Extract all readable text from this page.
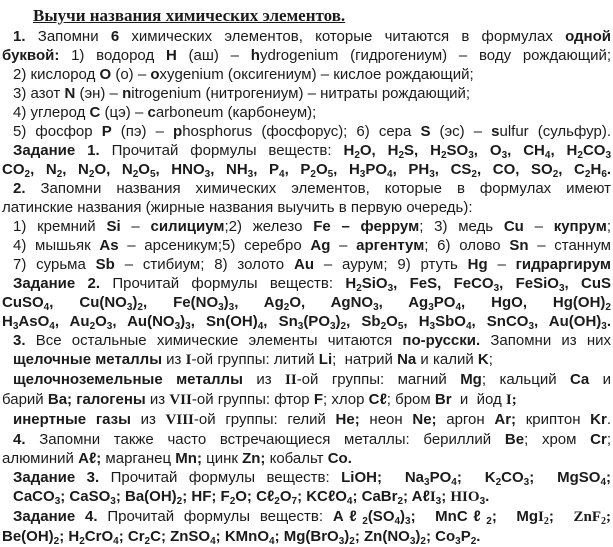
Выучи названия химических элементов.
1. Запомни 6 химических элементов, которые читаются в формулах одной
буквой: 1) водород H (аш) – hydrogenium (гидрогениум) – воду рождающий;
2) кислород O (о) – oxygenium (оксигениум) – кислое рождающий;
3) азот N (эн) – nitrogenium (нитрогениум) – нитраты рождающий;
4) углерод C (цэ) – carboneum (карбонеум);
5) фосфор P (пэ) – phosphorus (фосфорус); 6) сера S (эс) – sulfur (сульфур).
Задание 1. Прочитай формулы веществ: $H_2O$, $H_2S$, $H_2SO_3$, $O_3$, $CH_4$, $H_2CO_3$
$CO_2$, $N_2$, $N_2O$, $N_2O_5$, $HNO_3$, $NH_3$, $P_4$, $P_2O_5$, $H_3PO_4$, $PH_3$, $CS_2$, CO, $SO_2$, $C_2H_6$.
2. Запомни названия химических элементов, которые в формулах имеют
латинские названия (жирные названия выучить в первую очередь):
1) кремний Si – силициум;2) железо Fe – феррум; 3) медь Cu – купрум;
4) мышьяк As – арсеникум;5) серебро Ag – аргентум; 6) олово Sn – станнум
7) сурьма Sb – стибиум; 8) золото Au – аурум; 9) ртуть Hg – гидраргирум
Задание 2. Прочитай формулы веществ: $H_2SiO_3$, FeS, FeCO$_3$, FeSiO$_3$, CuS
CuSO$_4$, $Cu(NO_3)_2$, $Fe(NO_3)_3$, $Ag_2O$, AgNO$_3$, $Ag_3PO_4$, HgO, $Hg(OH)_2$
$H_3AsO_4$, $Au_2O_3$, $Au(NO_3)_3$, $Sn(OH)_4$, $Sn_3(PO_3)_2$, $Sb_2O_5$, $H_3SbO_4$, SnCO$_3$, $Au(OH)_3$.
3. Все остальные химические элементы читаются по-русски. Запомни из них
щелочные металлы из I-ой группы: литий Li;  натрий Na и калий K;
щелочноземельные металлы из II-ой группы: магний Mg; кальций Ca и
барий Ba; галогены из VII-ой группы: фтор F; хлор Cℓ; бром Br  и  йод I;
инертные газы из VIII-ой группы: гелий He; неон Ne; аргон Ar; криптон Kr.
4. Запомни также часто встречающиеся металлы: бериллий Be; хром Cr;
алюминий Aℓ; марганец Mn; цинк Zn; кобальт Co.
Задание 3. Прочитай формулы веществ: LiOH;  $Na_3PO_4$;  $K_2CO_3$;  MgSO$_4$;
CaCO$_3$; CaSO$_3$; $Ba(OH)_2$; HF; $F_2O$; $C\ell_2O_7$; KCℓO$_4$; CaBr$_2$; AℓI$_3$; $HIO_3$.
Задание 4. Прочитай формулы веществ: $A\ell_2(SO_4)_3$;  MnCℓ$_2$;  MgI$_2$;  ZnF$_2$;
$Be(OH)_2$; $H_2CrO_4$; $Cr_2C$; ZnSO$_4$; KMnO$_4$; $Mg(BrO_3)_2$; $Zn(NO_3)_2$; $Co_3P_2$.
